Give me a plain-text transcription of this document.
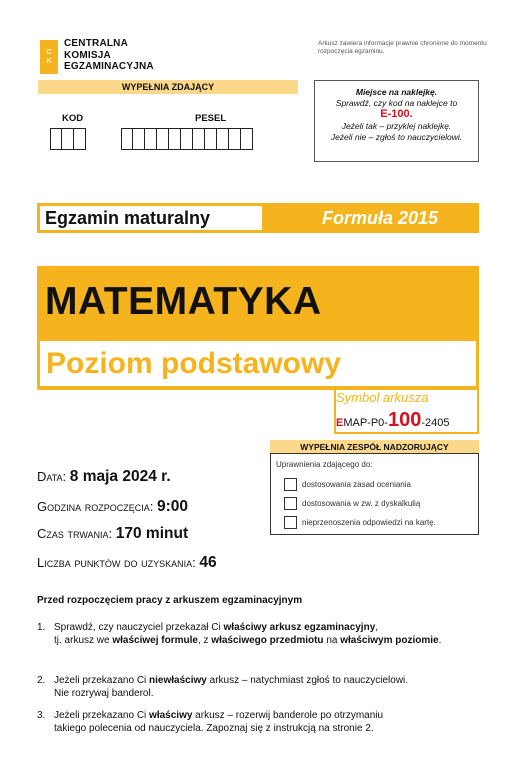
C
K
CENTRALNA
KOMISJA
EGZAMINACYJNA
Arkusz zawiera informacje prawnie chronione do momentu rozpoczęcia egzaminu.
WYPEŁNIA ZDAJĄCY
KOD	PESEL
Miejsce na naklejkę.
Sprawdź, czy kod na naklejce to
E-100.
Jeżeli tak – przyklej naklejkę.
Jeżeli nie – zgłoś to nauczycielowi.
Egzamin maturalny	Formuła 2015
MATEMATYKA
Poziom podstawowy
Symbol arkusza
EMAP-P0-100-2405
Data: 8 maja 2024 r.
Godzina rozpoczęcia: 9:00
Czas trwania: 170 minut
Liczba punktów do uzyskania: 46
WYPEŁNIA ZESPÓŁ NADZORUJĄCY
Uprawnienia zdającego do:
dostosowania zasad oceniania
dostosowania w zw. z dyskalkulią
nieprzenoszenia odpowiedzi na kartę.
Przed rozpoczęciem pracy z arkuszem egzaminacyjnym
1. Sprawdź, czy nauczyciel przekazał Ci właściwy arkusz egzaminacyjny,
tj. arkusz we właściwej formule, z właściwego przedmiotu na właściwym poziomie.
2. Jeżeli przekazano Ci niewłaściwy arkusz – natychmiast zgłoś to nauczycielowi.
Nie rozrywaj banderol.
3. Jeżeli przekazano Ci właściwy arkusz – rozerwij banderole po otrzymaniu
takiego polecenia od nauczyciela. Zapoznaj się z instrukcją na stronie 2.
